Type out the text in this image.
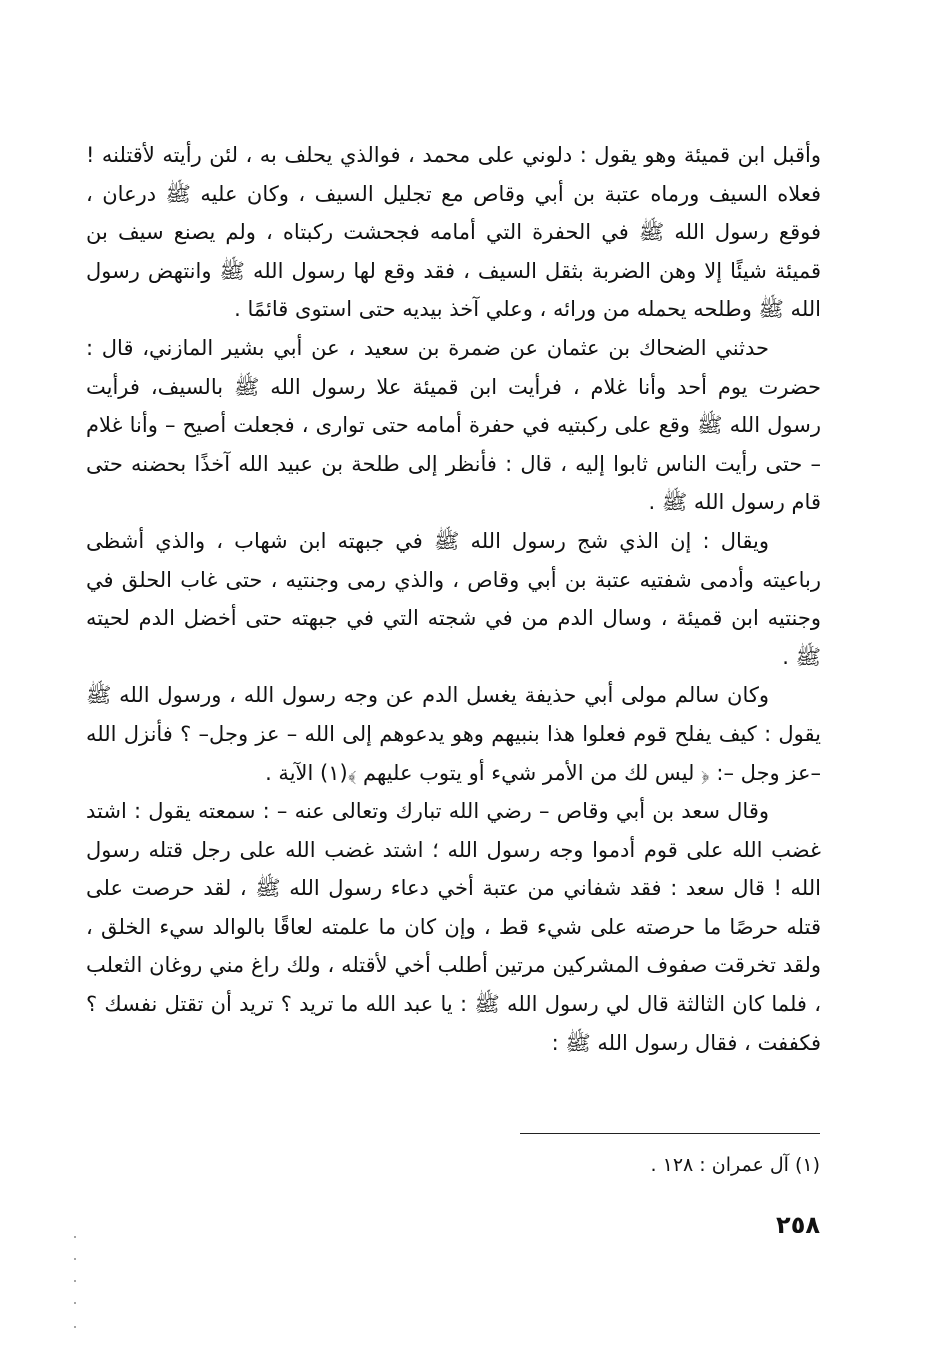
وأقبل ابن قميئة وهو يقول : دلوني على محمد ، فوالذي يحلف به ، لئن رأيته لأقتلنه ! فعلاه السيف ورماه عتبة بن أبي وقاص مع تجليل السيف ، وكان عليه ﷺ درعان ، فوقع رسول الله ﷺ في الحفرة التي أمامه فجحشت ركبتاه ، ولم يصنع سيف بن قميئة شيئًا إلا وهن الضربة بثقل السيف ، فقد وقع لها رسول الله ﷺ وانتهض رسول الله ﷺ وطلحه يحمله من ورائه ، وعلي آخذ بيديه حتى استوى قائمًا .

حدثني الضحاك بن عثمان عن ضمرة بن سعيد ، عن أبي بشير المازني، قال : حضرت يوم أحد وأنا غلام ، فرأيت ابن قميئة علا رسول الله ﷺ بالسيف، فرأيت رسول الله ﷺ وقع على ركبتيه في حفرة أمامه حتى توارى ، فجعلت أصيح – وأنا غلام – حتى رأيت الناس ثابوا إليه ، قال : فأنظر إلى طلحة بن عبيد الله آخذًا بحضنه حتى قام رسول الله ﷺ .

ويقال : إن الذي شج رسول الله ﷺ في جبهته ابن شهاب ، والذي أشظى رباعيته وأدمى شفتيه عتبة بن أبي وقاص ، والذي رمى وجنتيه ، حتى غاب الحلق في وجنتيه ابن قميئة ، وسال الدم من في شجته التي في جبهته حتى أخضل الدم لحيته ﷺ .

وكان سالم مولى أبي حذيفة يغسل الدم عن وجه رسول الله ، ورسول الله ﷺ يقول : كيف يفلح قوم فعلوا هذا بنبيهم وهو يدعوهم إلى الله – عز وجل– ؟ فأنزل الله –عز وجل –: ﴿ ليس لك من الأمر شيء أو يتوب عليهم ﴾(١) الآية .

وقال سعد بن أبي وقاص – رضي الله تبارك وتعالى عنه – : سمعته يقول : اشتد غضب الله على قوم أدموا وجه رسول الله ؛ اشتد غضب الله على رجل قتله رسول الله ! قال سعد : فقد شفاني من عتبة أخي دعاء رسول الله ﷺ ، لقد حرصت على قتله حرصًا ما حرصته على شيء قط ، وإن كان ما علمته لعاقًا بالوالد سيء الخلق ، ولقد تخرقت صفوف المشركين مرتين أطلب أخي لأقتله ، ولك راغ مني روغان الثعلب ، فلما كان الثالثة قال لي رسول الله ﷺ : يا عبد الله ما تريد ؟ تريد أن تقتل نفسك ؟ فكففت ، فقال رسول الله ﷺ :

(١) آل عمران : ١٢٨ .
٢٥٨
